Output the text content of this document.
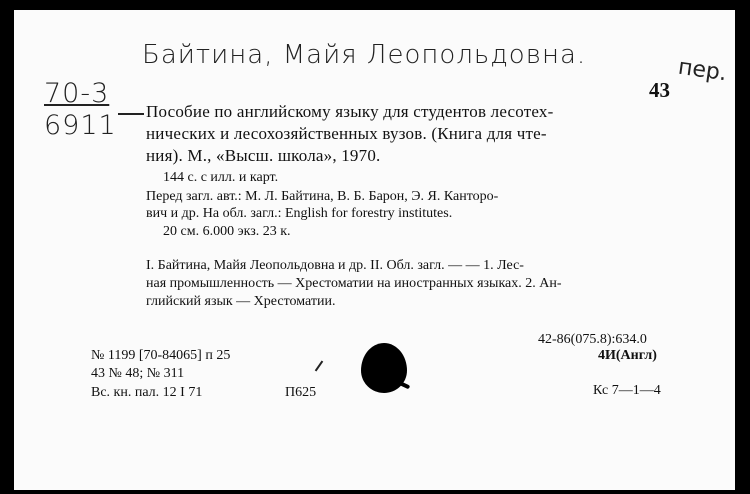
Байтина, Майя Леопольдовна.	пер.
43
70-3
6911 Пособие по английскому языку для студентов лесотех-
нических и лесохозяйственных вузов. (Книга для чте-
ния). М., «Высш. школа», 1970.
144 с. с илл. и карт.
Перед загл. авт.: М. Л. Байтина, В. Б. Барон, Э. Я. Канторо-
вич и др. На обл. загл.: English for forestry institutes.
20 см. 6.000 экз. 23 к.
I. Байтина, Майя Леопольдовна и др. II. Обл. загл. — — 1. Лес-
ная промышленность — Хрестоматии на иностранных языках. 2. Ан-
глийский язык — Хрестоматии.
42-86(075.8):634.0
4И(Англ)
№ 1199 [70-84065] п 25
43 № 48; № 311
Вс. кн. пал. 12 I 71	П625	Кс 7—1—4
